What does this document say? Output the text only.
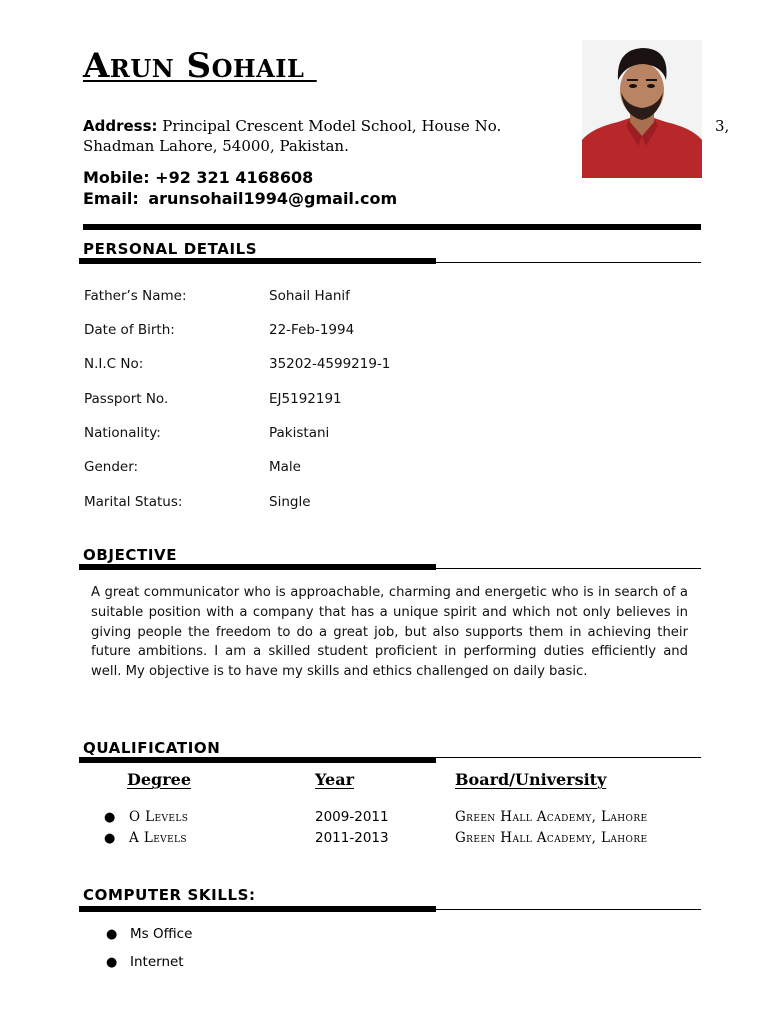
Arun Sohail
Address: Principal Crescent Model School, House No.	3,

Shadman Lahore, 54000, Pakistan.
Mobile: +92 321 4168608
Email: arunsohail1994@gmail.com
PERSONAL DETAILS
Father’s Name:	Sohail Hanif
Date of Birth:	22-Feb-1994
N.I.C No:	35202-4599219-1
Passport No.	EJ5192191
Nationality:	Pakistani
Gender:	Male
Marital Status:	Single
OBJECTIVE
A great communicator who is approachable, charming and energetic who is in search of a suitable position with a company that has a unique spirit and which not only believes in giving people the freedom to do a great job, but also supports them in achieving their future ambitions. I am a skilled student proficient in performing duties efficiently and well. My objective is to have my skills and ethics challenged on daily basic.
QUALIFICATION
Degree	Year	Board/University
● O Levels	2009-2011	Green Hall Academy, Lahore
● A Levels	2011-2013	Green Hall Academy, Lahore
COMPUTER SKILLS:
● Ms Office
● Internet
